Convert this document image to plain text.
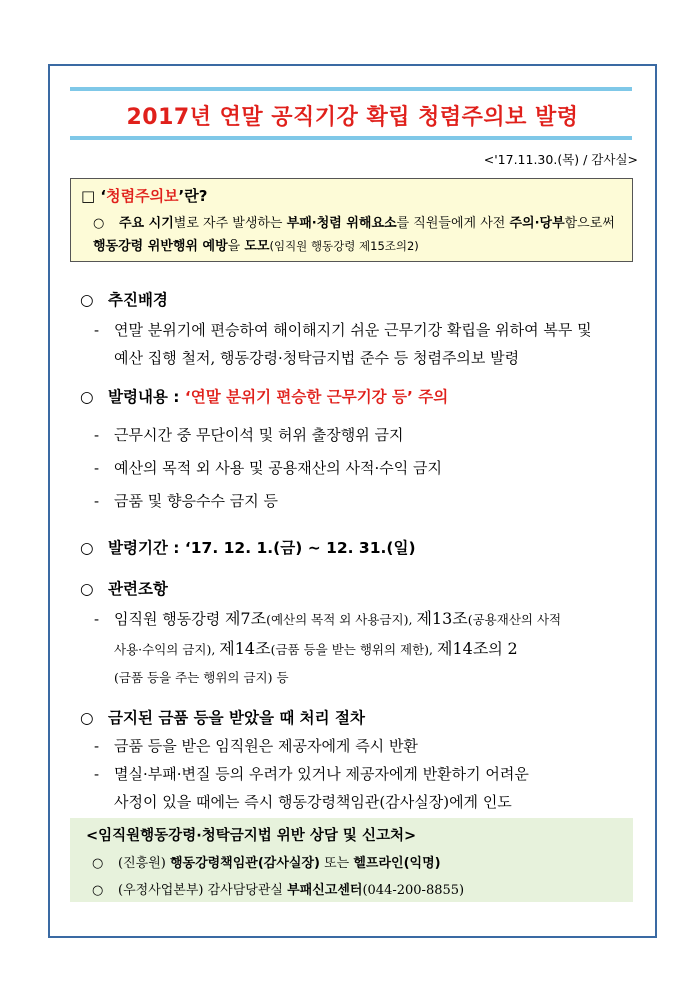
2017년 연말 공직기강 확립 청렴주의보 발령
<'17.11.30.(목) / 감사실>
□ ‘청렴주의보’란?
○ 주요 시기별로 자주 발생하는 부패·청렴 위해요소를 직원들에게 사전 주의·당부함으로써 행동강령 위반행위 예방을 도모(임직원 행동강령 제15조의2)
○ 추진배경
- 연말 분위기에 편승하여 해이해지기 쉬운 근무기강 확립을 위하여 복무 및
예산 집행 철저, 행동강령·청탁금지법 준수 등 청렴주의보 발령
○ 발령내용 : ‘연말 분위기 편승한 근무기강 등’ 주의
- 근무시간 중 무단이석 및 허위 출장행위 금지
- 예산의 목적 외 사용 및 공용재산의 사적·수익 금지
- 금품 및 향응수수 금지 등
○ 발령기간 : ‘17. 12. 1.(금) ~ 12. 31.(일)
○ 관련조항
- 임직원 행동강령 제7조(예산의 목적 외 사용금지), 제13조(공용재산의 사적
사용·수익의 금지), 제14조(금품 등을 받는 행위의 제한), 제14조의 2
(금품 등을 주는 행위의 금지) 등
○ 금지된 금품 등을 받았을 때 처리 절차
- 금품 등을 받은 임직원은 제공자에게 즉시 반환
- 멸실·부패·변질 등의 우려가 있거나 제공자에게 반환하기 어려운
사정이 있을 때에는 즉시 행동강령책임관(감사실장)에게 인도
<임직원행동강령·청탁금지법 위반 상담 및 신고처>
○ (진흥원) 행동강령책임관(감사실장) 또는 헬프라인(익명)
○ (우정사업본부) 감사담당관실 부패신고센터(044-200-8855)
